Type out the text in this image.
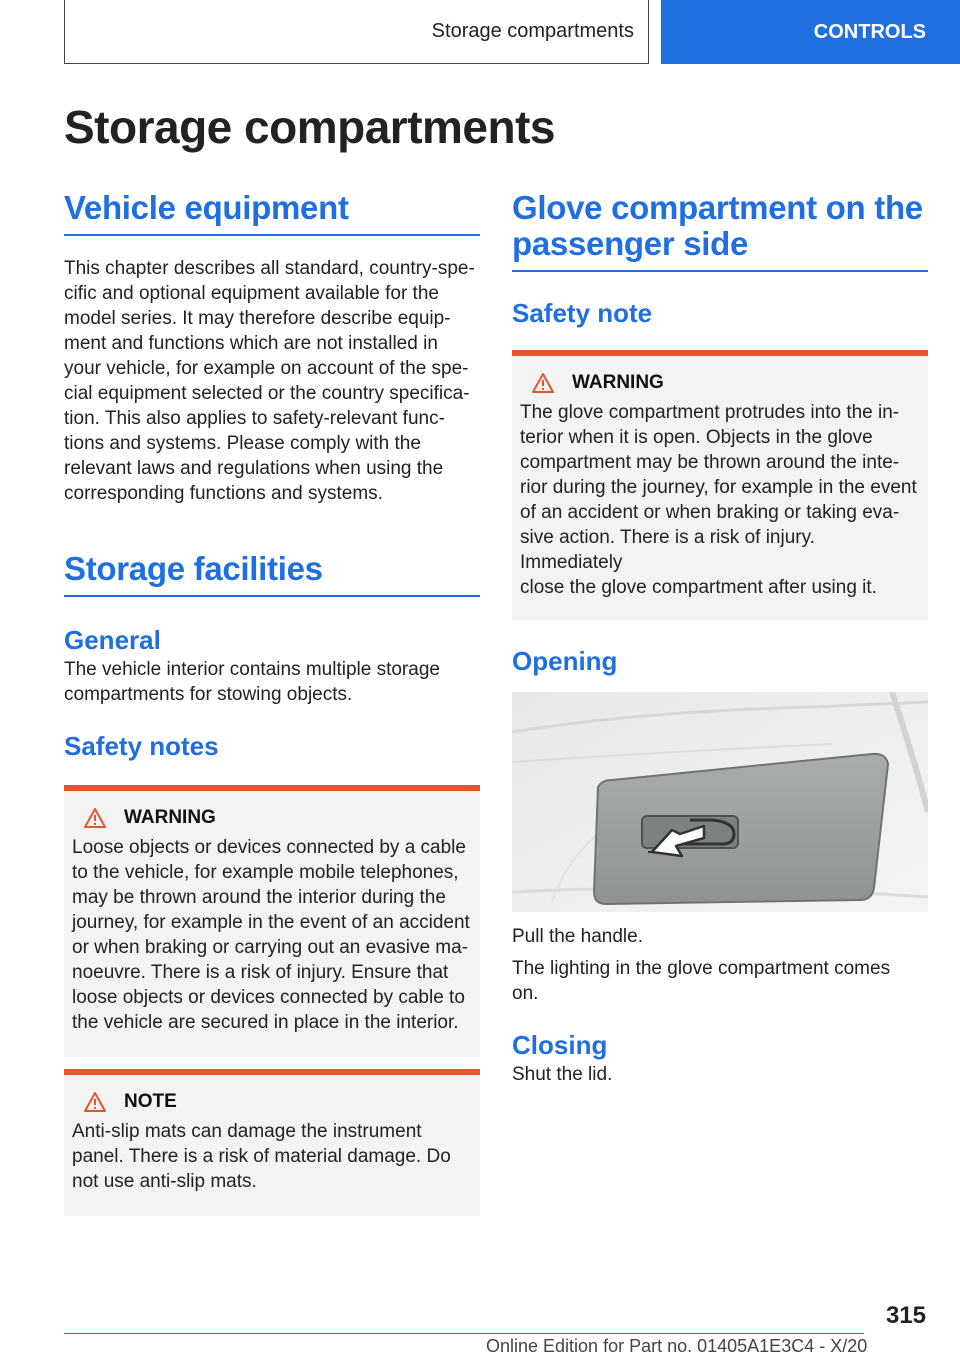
Storage compartments	CONTROLS
Storage compartments
Vehicle equipment
This chapter describes all standard, country-spe-
cific and optional equipment available for the
model series. It may therefore describe equip-
ment and functions which are not installed in
your vehicle, for example on account of the spe-
cial equipment selected or the country specifica-
tion. This also applies to safety-relevant func-
tions and systems. Please comply with the
relevant laws and regulations when using the
corresponding functions and systems.
Storage facilities
General
The vehicle interior contains multiple storage
compartments for stowing objects.
Safety notes
WARNING
Loose objects or devices connected by a cable
to the vehicle, for example mobile telephones,
may be thrown around the interior during the
journey, for example in the event of an accident
or when braking or carrying out an evasive ma-
noeuvre. There is a risk of injury. Ensure that
loose objects or devices connected by cable to
the vehicle are secured in place in the interior.
NOTE
Anti-slip mats can damage the instrument
panel. There is a risk of material damage. Do
not use anti-slip mats.
Glove compartment on the
passenger side
Safety note
WARNING
The glove compartment protrudes into the in-
terior when it is open. Objects in the glove
compartment may be thrown around the inte-
rior during the journey, for example in the event
of an accident or when braking or taking eva-
sive action. There is a risk of injury. Immediately
close the glove compartment after using it.
Opening
Pull the handle.
The lighting in the glove compartment comes
on.
Closing
Shut the lid.
315
Online Edition for Part no. 01405A1E3C4 - X/20
